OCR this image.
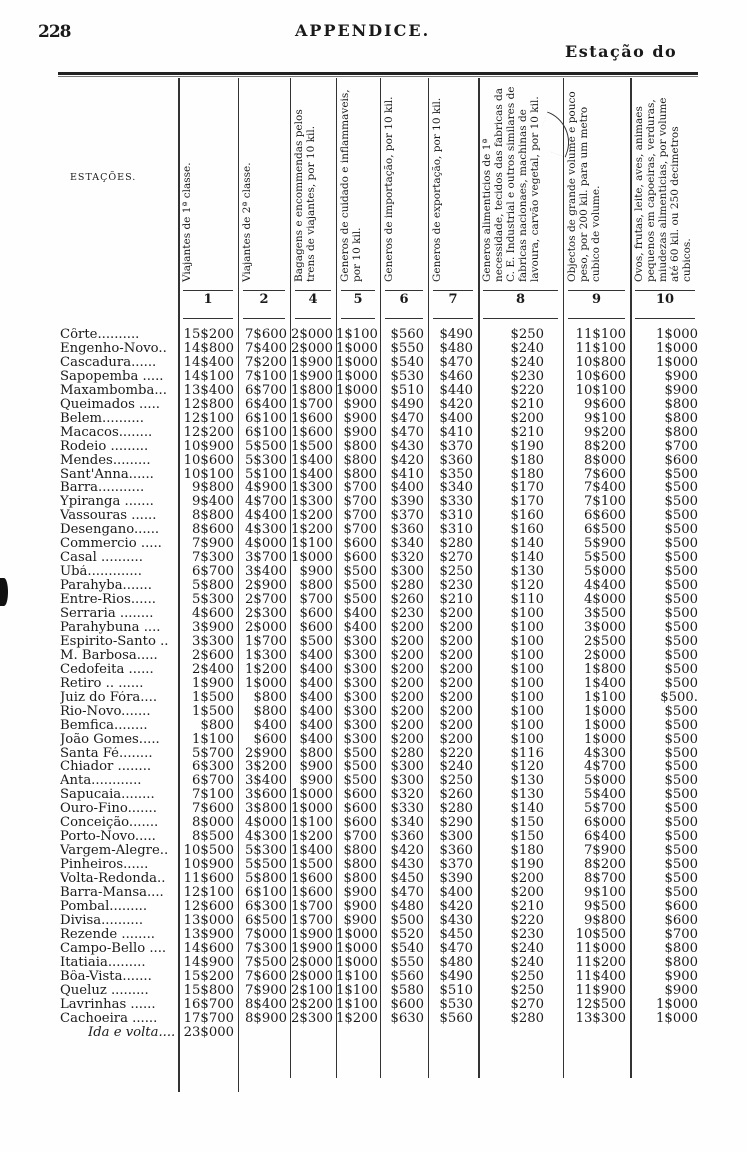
228	APPENDICE.
Estação do
ESTAÇÕES.	Viajantes de 1ª classe.
1
Viajantes de 2ª classe.
2
Bagagens e encommendas pelos trens de viajantes, por 10 kil.
4
Generos de cuidado e inflammaveis, por 10 kil.
5
Generos de importação, por 10 kil.
6
Generos de exportação, por 10 kil.
7
Generos alimenticios de 1ª necessidade, tecidos das fabricas da C. E. Industrial e outros similares de fabricas nacionaes, machinas de lavoura, carvão vegetal, por 10 kil.
8
Objectos de grande volume e pouco peso, por 200 kil. para um metro cubico de volume.
9
Ovos, frutas, leite, aves, animaes pequenos em capoeiras, verduras, miudezas alimenticias, por volume até 60 kil. ou 250 decimetros cubicos.
10
Côrte..........	15$200 7$600 2$000 1$100 $560	$490	$250	11$100	1$000
Engenho-Novo..	14$800 7$400 2$000 1$000 $550	$480	$240	11$100	1$000
Cascadura......	14$400 7$200 1$900 1$000 $540	$470	$240	10$800	1$000
Sapopemba .....	14$100 7$100 1$900 1$000 $530	$460	$230	10$600	$900
Maxambomba...	13$400 6$700 1$800 1$000 $510	$440	$220	10$100	$900
Queimados .....	12$800 6$400 1$700 $900	$490	$420	$210	9$600	$800
Belem..........	12$100 6$100 1$600 $900	$470	$400	$200	9$100	$800
Macacos........	12$200 6$100 1$600 $900	$470	$410	$210	9$200	$800
Rodeio .........	10$900 5$500 1$500 $800	$430	$370	$190	8$200	$700
Mendes.........	10$600 5$300 1$400 $800	$420	$360	$180	8$000	$600
Sant'Anna......	10$100 5$100 1$400 $800	$410	$350	$180	7$600	$500
Barra...........	9$800 4$900 1$300 $700	$400	$340	$170	7$400	$500
Ypiranga .......	9$400 4$700 1$300 $700	$390	$330	$170	7$100	$500
Vassouras ......	8$800 4$400 1$200 $700	$370	$310	$160	6$600	$500
Desengano......	8$600 4$300 1$200 $700	$360	$310	$160	6$500	$500
Commercio .....	7$900 4$000 1$100 $600	$340	$280	$140	5$900	$500
Casal ..........	7$300 3$700 1$000 $600	$320	$270	$140	5$500	$500
Ubá.............	6$700 3$400 $900 $500	$300	$250	$130	5$000	$500
Parahyba.......	5$800 2$900 $800 $500	$280	$230	$120	4$400	$500
Entre-Rios......	5$300 2$700 $700 $500	$260	$210	$110	4$000	$500
Serraria ........	4$600 2$300 $600 $400	$230	$200	$100	3$500	$500
Parahybuna ....	3$900 2$000 $600 $400	$200	$200	$100	3$000	$500
Espirito-Santo ..	3$300 1$700 $500 $300	$200	$200	$100	2$500	$500
M. Barbosa.....	2$600 1$300 $400 $300	$200	$200	$100	2$000	$500
Cedofeita ......	2$400 1$200 $400 $300	$200	$200	$100	1$800	$500
Retiro .. ......	1$900 1$000 $400 $300	$200	$200	$100	1$400	$500
Juiz do Fóra....	1$500	$800 $400 $300	$200	$200	$100	1$100	$500.
Rio-Novo.......	1$500	$800 $400 $300	$200	$200	$100	1$000	$500
Bemfica........	$800	$400 $400 $300	$200	$200	$100	1$000	$500
João Gomes.....	1$100	$600 $400 $300	$200	$200	$100	1$000	$500
Santa Fé........	5$700 2$900 $800 $500	$280	$220	$116	4$300	$500
Chiador ........	6$300 3$200 $900 $500	$300	$240	$120	4$700	$500
Anta............	6$700 3$400 $900 $500	$300	$250	$130	5$000	$500
Sapucaia........	7$100 3$600 1$000 $600	$320	$260	$130	5$400	$500
Ouro-Fino.......	7$600 3$800 1$000 $600	$330	$280	$140	5$700	$500
Conceição.......	8$000 4$000 1$100 $600	$340	$290	$150	6$000	$500
Porto-Novo.....	8$500 4$300 1$200 $700	$360	$300	$150	6$400	$500
Vargem-Alegre..	10$500 5$300 1$400 $800	$420	$360	$180	7$900	$500
Pinheiros......	10$900 5$500 1$500 $800	$430	$370	$190	8$200	$500
Volta-Redonda..	11$600 5$800 1$600 $800	$450	$390	$200	8$700	$500
Barra-Mansa....	12$100 6$100 1$600 $900	$470	$400	$200	9$100	$500
Pombal.........	12$600 6$300 1$700 $900	$480	$420	$210	9$500	$600
Divisa..........	13$000 6$500 1$700 $900	$500	$430	$220	9$800	$600
Rezende ........	13$900 7$000 1$900 1$000 $520	$450	$230	10$500	$700
Campo-Bello ....	14$600 7$300 1$900 1$000 $540	$470	$240	11$000	$800
Itatiaia.........	14$900 7$500 2$000 1$000 $550	$480	$240	11$200	$800
Bôa-Vista.......	15$200 7$600 2$000 1$100 $560	$490	$250	11$400	$900
Queluz .........	15$800 7$900 2$100 1$100 $580	$510	$250	11$900	$900
Lavrinhas ......	16$700 8$400 2$200 1$100 $600	$530	$270	12$500	1$000
Cachoeira ......	17$700 8$900 2$300 1$200 $630	$560	$280	13$300	1$000
Ida e volta.... 23$000
